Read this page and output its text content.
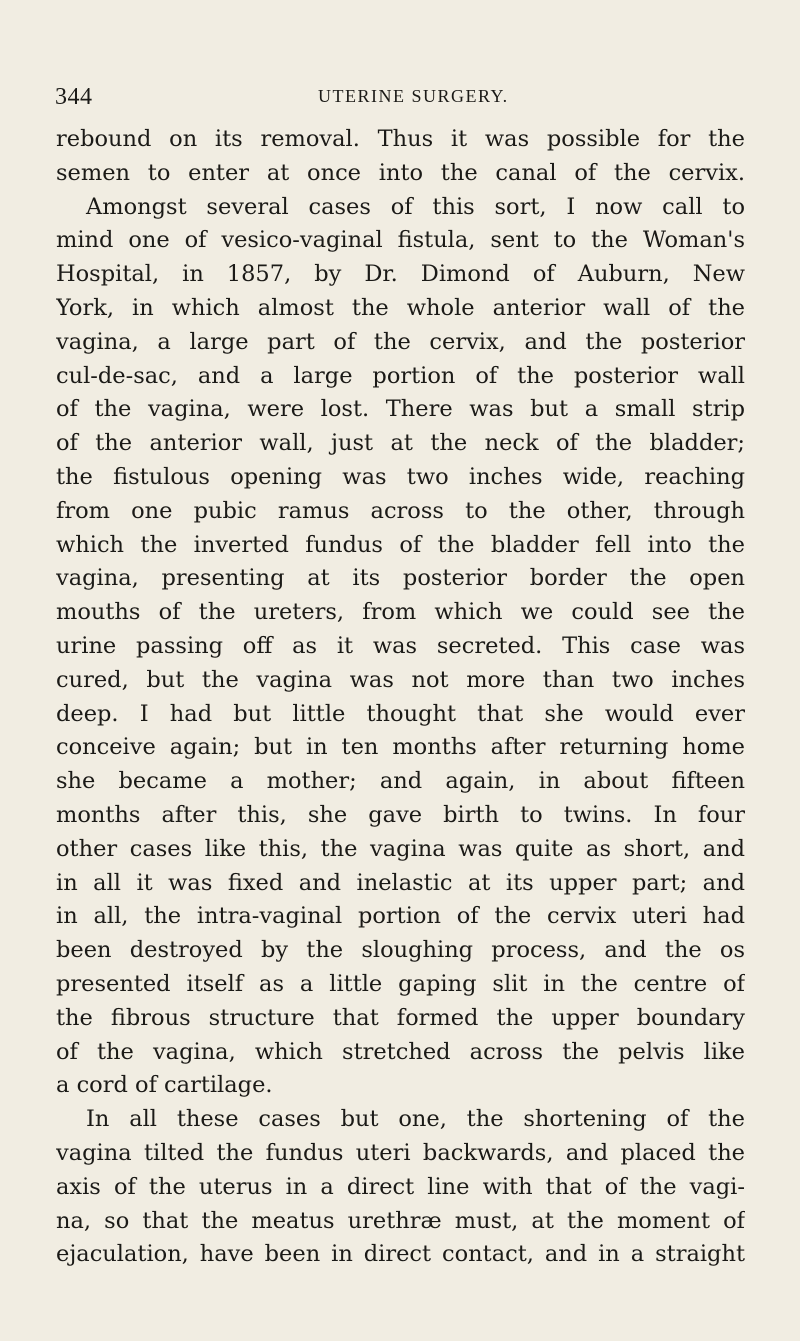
344	UTERINE SURGERY.
rebound on its removal. Thus it was possible for the
semen to enter at once into the canal of the cervix.
Amongst several cases of this sort, I now call to
mind one of vesico-vaginal fistula, sent to the Woman's
Hospital, in 1857, by Dr. Dimond of Auburn, New
York, in which almost the whole anterior wall of the
vagina, a large part of the cervix, and the posterior
cul-de-sac, and a large portion of the posterior wall
of the vagina, were lost. There was but a small strip
of the anterior wall, just at the neck of the bladder;
the fistulous opening was two inches wide, reaching
from one pubic ramus across to the other, through
which the inverted fundus of the bladder fell into the
vagina, presenting at its posterior border the open
mouths of the ureters, from which we could see the
urine passing off as it was secreted. This case was
cured, but the vagina was not more than two inches
deep. I had but little thought that she would ever
conceive again; but in ten months after returning home
she became a mother; and again, in about fifteen
months after this, she gave birth to twins. In four
other cases like this, the vagina was quite as short, and
in all it was fixed and inelastic at its upper part; and
in all, the intra-vaginal portion of the cervix uteri had
been destroyed by the sloughing process, and the os
presented itself as a little gaping slit in the centre of
the fibrous structure that formed the upper boundary
of the vagina, which stretched across the pelvis like
a cord of cartilage.
In all these cases but one, the shortening of the
vagina tilted the fundus uteri backwards, and placed the
axis of the uterus in a direct line with that of the vagi-
na, so that the meatus urethræ must, at the moment of
ejaculation, have been in direct contact, and in a straight
